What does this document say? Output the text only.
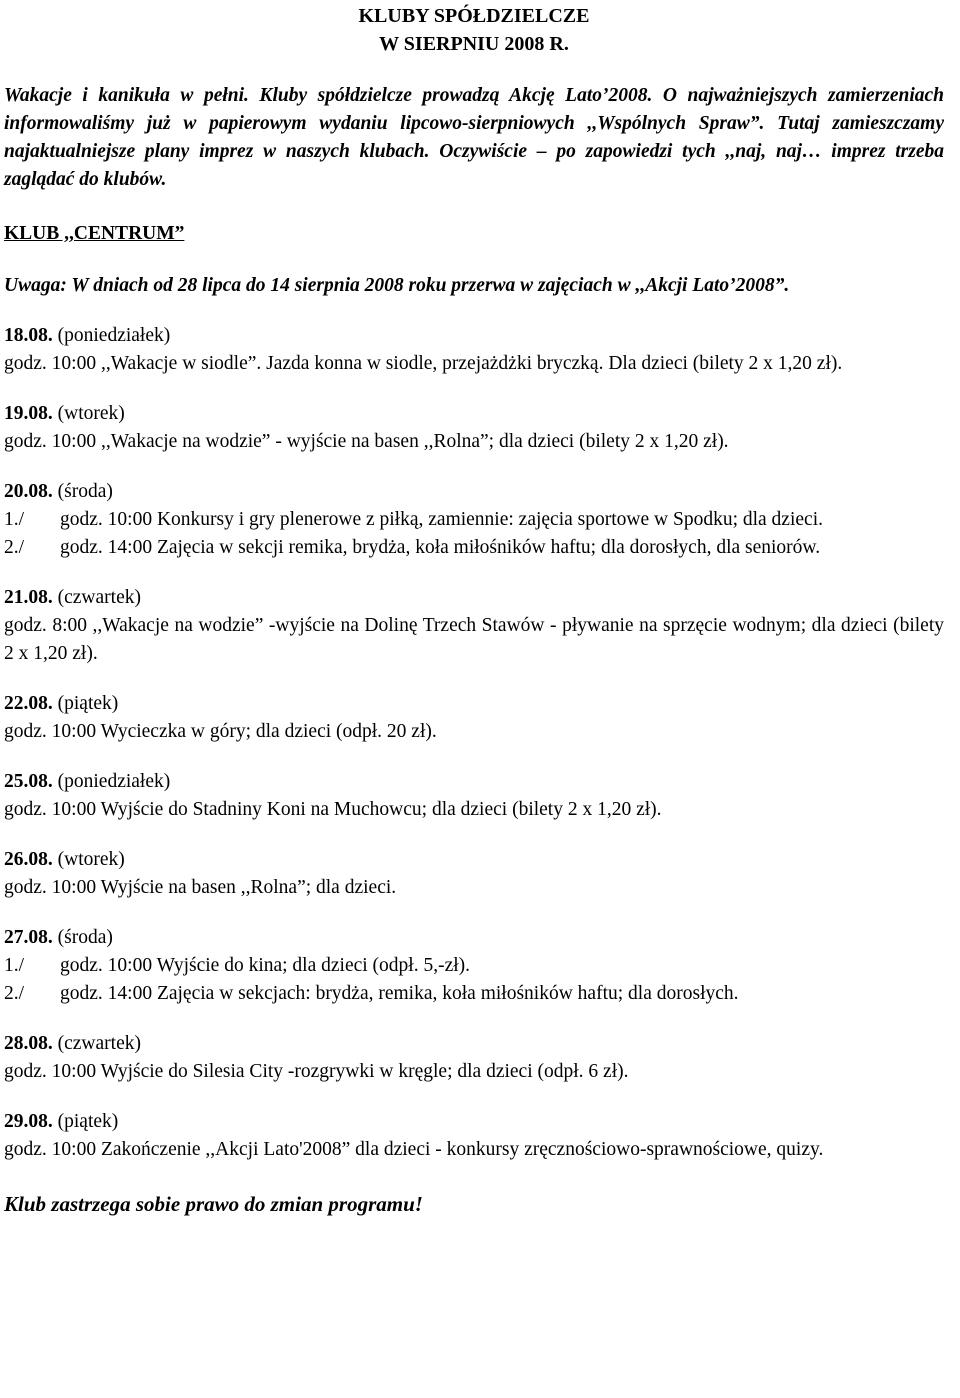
KLUBY SPÓŁDZIELCZE
W SIERPNIU 2008 R.
Wakacje i kanikuła w pełni. Kluby spółdzielcze prowadzą Akcję Lato’2008. O najważniejszych zamierzeniach informowaliśmy już w papierowym wydaniu lipcowo-sierpniowych ,,Wspólnych Spraw”. Tutaj zamieszczamy najaktualniejsze plany imprez w naszych klubach. Oczywiście – po zapowiedzi tych ,,naj, naj… imprez trzeba zaglądać do klubów.
KLUB ,,CENTRUM”
Uwaga: W dniach od 28 lipca do 14 sierpnia 2008 roku przerwa w zajęciach w ,,Akcji Lato’2008”.
18.08. (poniedziałek)
godz. 10:00 ,,Wakacje w siodle”. Jazda konna w siodle, przejażdżki bryczką. Dla dzieci (bilety 2 x 1,20 zł).
19.08. (wtorek)
godz. 10:00 ,,Wakacje na wodzie” - wyjście na basen ,,Rolna”; dla dzieci (bilety 2 x 1,20 zł).
20.08. (środa)
1./	godz. 10:00 Konkursy i gry plenerowe z piłką, zamiennie: zajęcia sportowe w Spodku; dla dzieci.
2./	godz. 14:00 Zajęcia w sekcji remika, brydża, koła miłośników haftu; dla dorosłych, dla seniorów.
21.08. (czwartek)
godz. 8:00 ,,Wakacje na wodzie” -wyjście na Dolinę Trzech Stawów - pływanie na sprzęcie wodnym; dla dzieci (bilety 2 x 1,20 zł).
22.08. (piątek)
godz. 10:00 Wycieczka w góry; dla dzieci (odpł. 20 zł).
25.08. (poniedziałek)
godz. 10:00 Wyjście do Stadniny Koni na Muchowcu; dla dzieci (bilety 2 x 1,20 zł).
26.08. (wtorek)
godz. 10:00 Wyjście na basen ,,Rolna”; dla dzieci.
27.08. (środa)
1./	godz. 10:00 Wyjście do kina; dla dzieci (odpł. 5,-zł).
2./	godz. 14:00 Zajęcia w sekcjach: brydża, remika, koła miłośników haftu; dla dorosłych.
28.08. (czwartek)
godz. 10:00 Wyjście do Silesia City -rozgrywki w kręgle; dla dzieci (odpł. 6 zł).
29.08. (piątek)
godz. 10:00 Zakończenie ,,Akcji Lato'2008” dla dzieci - konkursy zręcznościowo-sprawnościowe, quizy.
Klub zastrzega sobie prawo do zmian programu!
